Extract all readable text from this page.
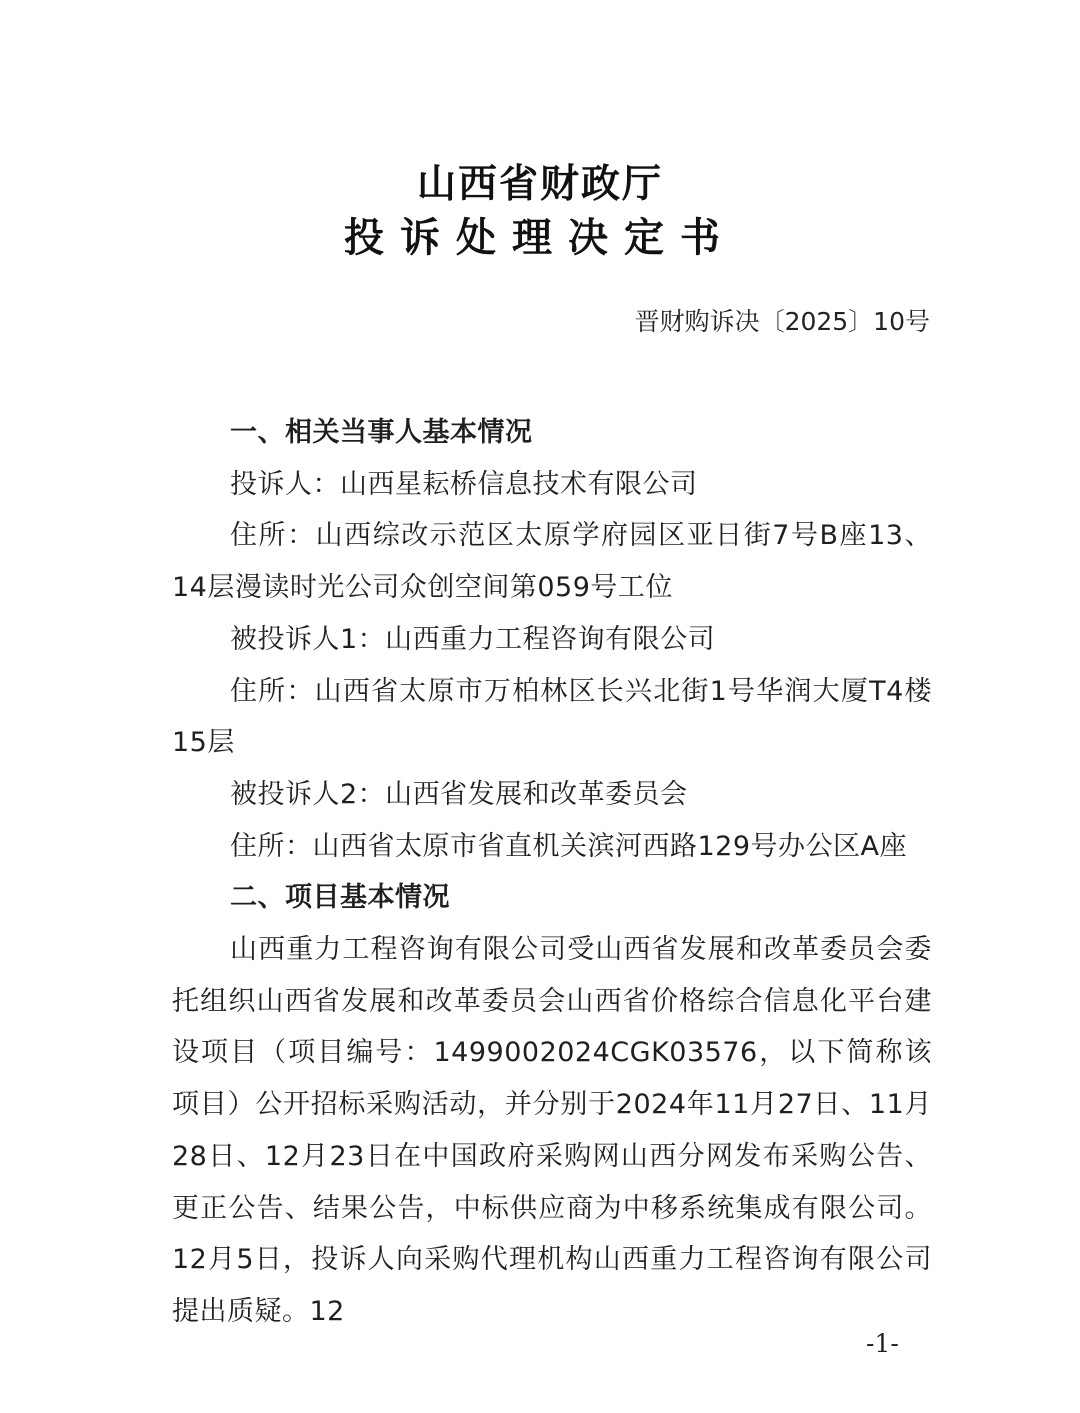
山西省财政厅
投诉处理决定书
晋财购诉决〔2025〕10号

一、相关当事人基本情况

投诉人：山西星耘桥信息技术有限公司

住所：山西综改示范区太原学府园区亚日街7号B座13、14层漫读时光公司众创空间第059号工位

被投诉人1：山西重力工程咨询有限公司

住所：山西省太原市万柏林区长兴北街1号华润大厦T4楼15层

被投诉人2：山西省发展和改革委员会

住所：山西省太原市省直机关滨河西路129号办公区A座

二、项目基本情况

山西重力工程咨询有限公司受山西省发展和改革委员会委托组织山西省发展和改革委员会山西省价格综合信息化平台建设项目（项目编号：1499002024CGK03576，以下简称该项目）公开招标采购活动，并分别于2024年11月27日、11月28日、12月23日在中国政府采购网山西分网发布采购公告、更正公告、结果公告，中标供应商为中移系统集成有限公司。12月5日，投诉人向采购代理机构山西重力工程咨询有限公司提出质疑。12

-1-
